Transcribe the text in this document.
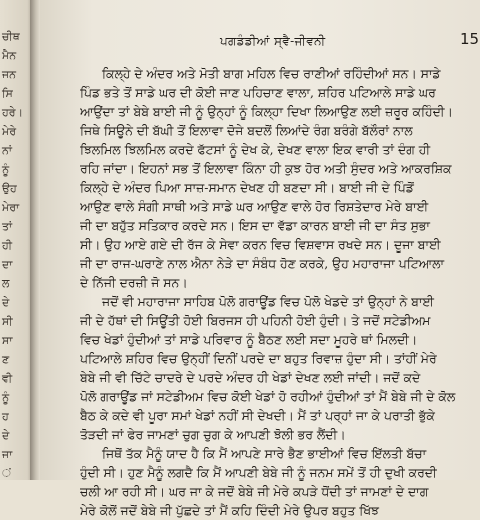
ਚੀਥ
ਮੈਨ
ਜਨ
ਸਿ
ਹਰੇ।
ਮੇਰੇ
ਨਾਂ
ਨੂੰ
ਉਹ
ਮੇਰਾ
ਤਾਂ
ਹੀ
ਦਾ
ਲ
ਦੇ
ਸੀ
ਸਾ
ਣ
ਵੀ
ਨੂੰ
ਹ
ਦੇ
ਜਾ
ਂ
ਪਗਡੰਡੀਆਂ ਸ੍ਵੈ-ਜੀਵਨੀ	15
ਕਿਲ੍ਹੇ ਦੇ ਅੰਦਰ ਅਤੇ ਮੋਤੀ ਬਾਗ ਮਹਿਲ ਵਿਚ ਰਾਣੀਆਂ ਰਹਿੰਦੀਆਂ ਸਨ। ਸਾਡੇ
ਪਿੰਡ ਭਤੇ ਤੋਂ ਸਾਡੇ ਘਰ ਦੀ ਕੋਈ ਜਾਣ ਪਹਿਚਾਣ ਵਾਲਾ, ਸ਼ਹਿਰ ਪਟਿਆਲੇ ਸਾਡੇ ਘਰ
ਆਉਂਦਾ ਤਾਂ ਬੇਬੇ ਬਾਈ ਜੀ ਨੂੰ ਉਨ੍ਹਾਂ ਨੂੰ ਕਿਲ੍ਹਾ ਦਿਖਾ ਲਿਆਉਣ ਲਈ ਜ਼ਰੂਰ ਕਹਿੰਦੀ।
ਜਿਥੇ ਸਿਊਨੇ ਦੀ ਬੱਘੀ ਤੋਂ ਇਲਾਵਾ ਦੋਜੇ ਬਦਲੋਂ ਲਿਆਂਦੇ ਰੰਗ ਬਰੰਗੇ ਬੱਲੌਰਾਂ ਨਾਲ
ਝਿਲਮਿਲ ਝਿਲਮਿਲ ਕਰਦੇ ਫੱਟਸਾਂ ਨੂੰ ਦੇਖ ਕੇ, ਦੇਖਣ ਵਾਲਾ ਇਕ ਵਾਰੀ ਤਾਂ ਦੰਗ ਹੀ
ਰਹਿ ਜਾਂਦਾ। ਇਹਨਾਂ ਸਭ ਤੋਂ ਇਲਾਵਾ ਕਿੰਨਾ ਹੀ ਕੁਝ ਹੋਰ ਅਤੀ ਸੁੰਦਰ ਅਤੇ ਆਕਰਸ਼ਿਕ
ਕਿਲ੍ਹੇ ਦੇ ਅੰਦਰ ਪਿਆ ਸਾਜ਼-ਸਮਾਨ ਦੇਖਣ ਹੀ ਬਣਦਾ ਸੀ। ਬਾਈ ਜੀ ਦੇ ਪਿੰਡੋਂ
ਆਉਣ ਵਾਲੇ ਸੰਗੀ ਸਾਥੀ ਅਤੇ ਸਾਡੇ ਘਰ ਆਉਣ ਵਾਲੇ ਹੋਰ ਰਿਸ਼ਤੇਦਾਰ ਮੇਰੇ ਬਾਈ
ਜੀ ਦਾ ਬਹੁੱਤ ਸਤਿਕਾਰ ਕਰਦੇ ਸਨ। ਇਸ ਦਾ ਵੱਡਾ ਕਾਰਨ ਬਾਈ ਜੀ ਦਾ ਸੰਤ ਸੁਭਾ
ਸੀ। ਉਹ ਆਏ ਗਏ ਦੀ ਰੱਜ ਕੇ ਸੇਵਾ ਕਰਨ ਵਿਚ ਵਿਸ਼ਵਾਸ ਰਖਦੇ ਸਨ। ਦੂਜਾ ਬਾਈ
ਜੀ ਦਾ ਰਾਜ-ਘਰਾਣੇ ਨਾਲ ਐਨਾ ਨੇੜੇ ਦਾ ਸੰਬੰਧ ਹੋਣ ਕਰਕੇ, ਉਹ ਮਹਾਰਾਜਾ ਪਟਿਆਲਾ
ਦੇ ਨਿੱਜੀ ਦਰਜ਼ੀ ਜੋ ਸਨ।
ਜਦੋਂ ਵੀ ਮਹਾਰਾਜਾ ਸਾਹਿਬ ਪੋਲੋ ਗਰਾਊਂਡ ਵਿਚ ਪੋਲੋ ਖੇਡਦੇ ਤਾਂ ਉਨ੍ਹਾਂ ਨੇ ਬਾਈ
ਜੀ ਦੇ ਹੱਥਾਂ ਦੀ ਸਿਊਂਤੀ ਹੋਈ ਬਿਰਜਸ ਹੀ ਪਹਿਨੀ ਹੋਈ ਹੁੰਦੀ। ਤੇ ਜਦੋਂ ਸਟੇਡੀਅਮ
ਵਿਚ ਖੇਡਾਂ ਹੁੰਦੀਆਂ ਤਾਂ ਸਾਡੇ ਪਰਿਵਾਰ ਨੂੰ ਬੈਠਣ ਲਈ ਸਦਾ ਮੂਹਰੇ ਥਾਂ ਮਿਲਦੀ।
ਪਟਿਆਲੇ ਸ਼ਹਿਰ ਵਿਚ ਉਨ੍ਹੀਂ ਦਿਨੀਂ ਪਰਦੇ ਦਾ ਬਹੁਤ ਰਿਵਾਜ਼ ਹੁੰਦਾ ਸੀ। ਤਾਂਹੀਂ ਮੇਰੇ
ਬੇਬੇ ਜੀ ਵੀ ਚਿੱਟੇ ਚਾਦਰੇ ਦੇ ਪਰਦੇ ਅੰਦਰ ਹੀ ਖੇਡਾਂ ਦੇਖਣ ਲਈ ਜਾਂਦੀ। ਜਦੋਂ ਕਦੇ
ਪੋਲੋ ਗਰਾਊਂਡ ਜਾਂ ਸਟੇਡੀਅਮ ਵਿਚ ਕੋਈ ਖੇਡਾਂ ਹੋ ਰਹੀਆਂ ਹੁੰਦੀਆਂ ਤਾਂ ਮੈਂ ਬੇਬੇ ਜੀ ਦੇ ਕੋਲ
ਬੈਠ ਕੇ ਕਦੇ ਵੀ ਪੂਰਾ ਸਮਾਂ ਖੇਡਾਂ ਨਹੀਂ ਸੀ ਦੇਖਦੀ। ਮੈਂ ਤਾਂ ਪਰ੍ਹਾਂ ਜਾ ਕੇ ਪਰਾਤੀ ਭੁੱਕੇ
ਤੋੜਦੀ ਜਾਂ ਫੇਰ ਜਾਮਣਾਂ ਚੁਗ ਚੁਗ ਕੇ ਆਪਣੀ ਝੋਲੀ ਭਰ ਲੈਂਦੀ।
ਜਿਥੋਂ ਤੱਕ ਮੈਨੂੰ ਯਾਦ ਹੈ ਕਿ ਮੈਂ ਆਪਣੇ ਸਾਰੇ ਭੈਣ ਭਾਈਆਂ ਵਿਚ ਇੱਲਤੀ ਬੱਚਾ
ਹੁੰਦੀ ਸੀ। ਹੁਣ ਮੈਨੂੰ ਲਗਦੈ ਕਿ ਮੈਂ ਆਪਣੀ ਬੇਬੇ ਜੀ ਨੂੰ ਜਨਮ ਸਮੇਂ ਤੋਂ ਹੀ ਦੁਖੀ ਕਰਦੀ
ਚਲੀ ਆ ਰਹੀ ਸੀ। ਘਰ ਜਾ ਕੇ ਜਦੋਂ ਬੇਬੇ ਜੀ ਮੇਰੇ ਕਪੜੇ ਧੋਂਦੀ ਤਾਂ ਜਾਮਣਾਂ ਦੇ ਦਾਗ
ਮੇਰੇ ਕੋਲੋਂ ਜਦੋਂ ਬੇਬੇ ਜੀ ਪੁੱਛਦੇ ਤਾਂ ਮੈਂ ਕਹਿ ਦਿੰਦੀ ਮੇਰੇ ਉਪਰ ਬਹੁਤ ਖਿੱਝ
